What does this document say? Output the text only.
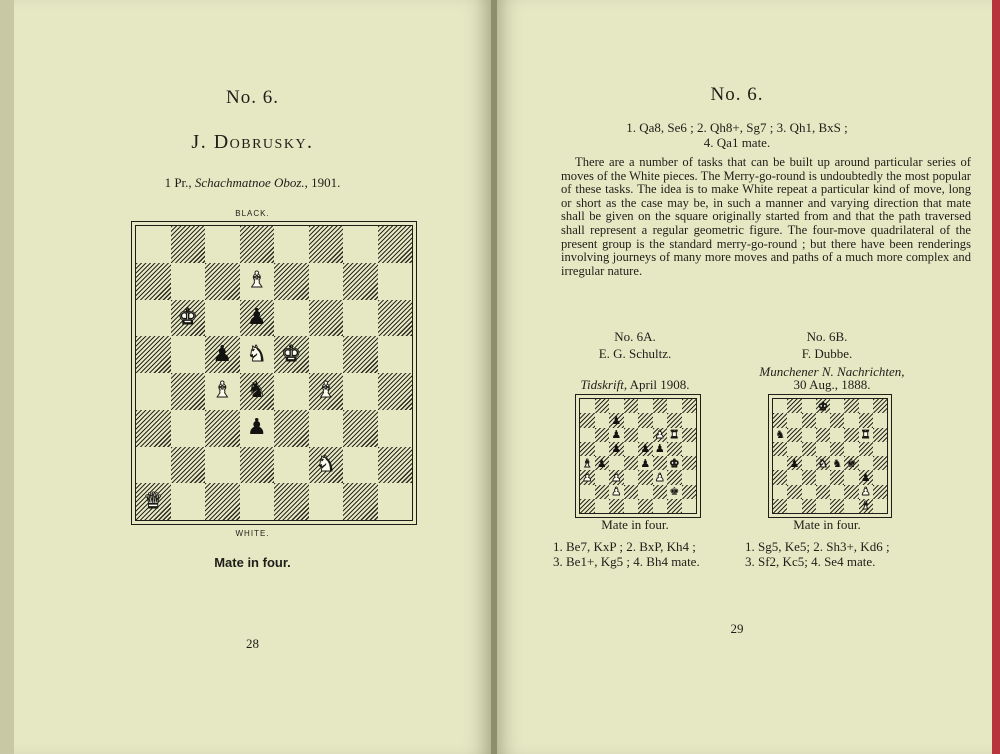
No. 6.
J. Dobrusky.
1 Pr., Schachmatnoe Oboz., 1901.
BLACK.
♝
♚ ♟
♟ ♞ ♚
♝ ♞ ♝
♟
♞
♛
WHITE.
Mate in four.
28
No. 6.
1. Qa8, Se6 ; 2. Qh8+, Sg7 ; 3. Qh1, BxS ;
4. Qa1 mate.
There are a number of tasks that can be built up around particular series of moves of the White pieces. The Merry-go-round is undoubtedly the most popular of these tasks. The idea is to make White repeat a particular kind of move, long or short as the case may be, in such a manner and varying direction that mate shall be given on the square originally started from and that the path traversed shall represent a regular geometric figure. The four-move quadrilateral of the present group is the standard merry-go-round ; but there have been renderings involving journeys of many more moves and paths of a much more complex and irregular nature.
No. 6A.
E. G. Schultz.
Tidskrift, April 1908.
♟
♟	♟ ♜
♟ ♟ ♟
♝ ♟	♟ ♚
♟ ♟	♟
♟	♚
Mate in four.
1. Be7, KxP ; 2. BxP, Kh4 ;
3. Be1+, Kg5 ; 4. Bh4 mate.
No. 6B.
F. Dubbe.
Munchener N. Nachrichten,
30 Aug., 1888.
♚
♞	♜
♟ ♞ ♞ ♚
♟
♟
♝
Mate in four.
1. Sg5, Ke5; 2. Sh3+, Kd6 ;
3. Sf2, Kc5; 4. Se4 mate.
29
